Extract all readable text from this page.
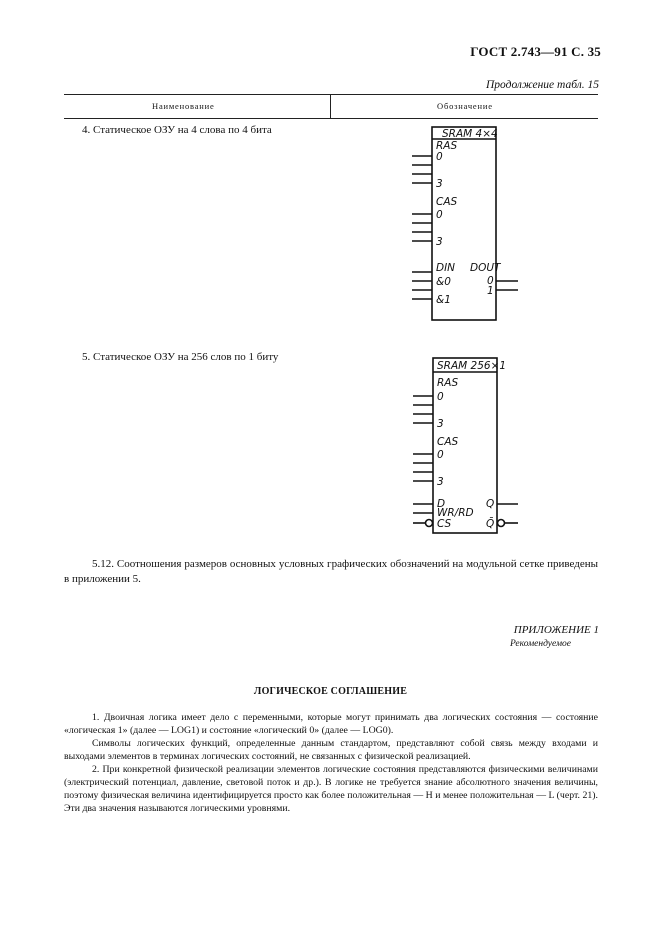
ГОСТ 2.743—91 С. 35
Продолжение табл. 15
Наименование	Обозначение
4. Статическое ОЗУ на 4 слова по 4 бита	SRAM 4×4
RAS
0
3
CAS
0
3
DIN DOUT
&0
&1
0
1
5. Статическое ОЗУ на 256 слов по 1 биту
SRAM 256×1
RAS
0
3
CAS
0
3
D
WR/RD
CS
Q
Q̄

5.12. Соотношения размеров основных условных графических обозначений на модульной сетке приведены в приложении 5.

ПРИЛОЖЕНИЕ 1
Рекомендуемое
ЛОГИЧЕСКОЕ СОГЛАШЕНИЕ

1. Двоичная логика имеет дело с переменными, которые могут принимать два логических состояния — состояние «логическая 1» (далее — LOG1) и состояние «логический 0» (далее — LOG0).

Символы логических функций, определенные данным стандартом, представляют собой связь между входами и выходами элементов в терминах логических состояний, не связанных с физической реализацией.

2. При конкретной физической реализации элементов логические состояния представляются физическими величинами (электрический потенциал, давление, световой поток и др.). В логике не требуется знание абсолютного значения величины, поэтому физическая величина идентифицируется просто как более положительная — H и менее положительная — L (черт. 21). Эти два значения называются логическими уровнями.
